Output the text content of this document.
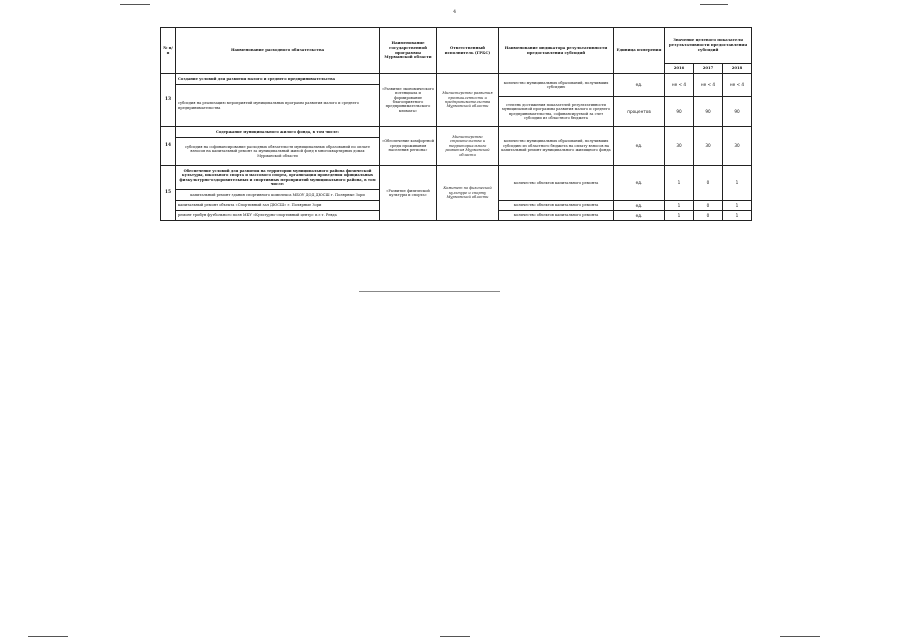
4
№ п/п	Наименование расходного обязательства	Наименование государственной программы Мурманской области	Ответственный исполнитель (ГРБС)	Наименование индикатора результативности предоставления субсидий	Единица измерения	Значение целевого показателя результативности предоставления субсидий		
						2016	2017	2018
13	Создание условий для развития малого и среднего предпринимательства	«Развитие экономического потенциала и формирование благоприятного предпринимательского климата»	Министерство развития промышленности и предпринимательства Мурманской области	количество муниципальных образований, получивших субсидию	ед.	не < 4	не < 4	не < 4
	субсидия на реализацию мероприятий муниципальных программ развития малого и среднего предпринимательства							
				степень достижения показателей результативности муниципальной программы развития малого и среднего предпринимательства, софинансируемой за счет субсидии из областного бюджета	процентов	90	90	90
14	Содержание муниципального жилого фонда, в том числе:	«Обеспечение комфортной среды проживания населения региона»	Министерство строительства и территориального развития Мурманской области	количество муниципальных образований, получивших субсидию из областного бюджета на оплату взносов на капитальный ремонт муниципального жилищного фонда	ед.	30	30	30
	субсидия на софинансирование расходных обязательств муниципальных образований по оплате взносов на капитальный ремонт за муниципальный жилой фонд в многоквартирных домах Мурманской области							
15	Обеспечение условий для развития на территории муниципального района физической культуры, школьного спорта и массового спорта, организация проведения официальных физкультурно-оздоровительных и спортивных мероприятий муниципального района, в том числе:	«Развитие физической культуры и спорта»	Комитет по физической культуре и спорту Мурманской области	количество объектов капитального ремонта	ед.	1	0	1
	капитальный ремонт здания спортивного комплекса МБОУ ДОД ДЮСШ г. Полярные Зори							
	капитальный ремонт объекта «Спортивный зал ДЮСШ» г. Полярные Зори			количество объектов капитального ремонта	ед.	1	0	1
	ремонт трибун футбольного поля МБУ «Культурно-спортивный центр» п.г.т. Ревда			количество объектов капитального ремонта	ед.	1	0	1
